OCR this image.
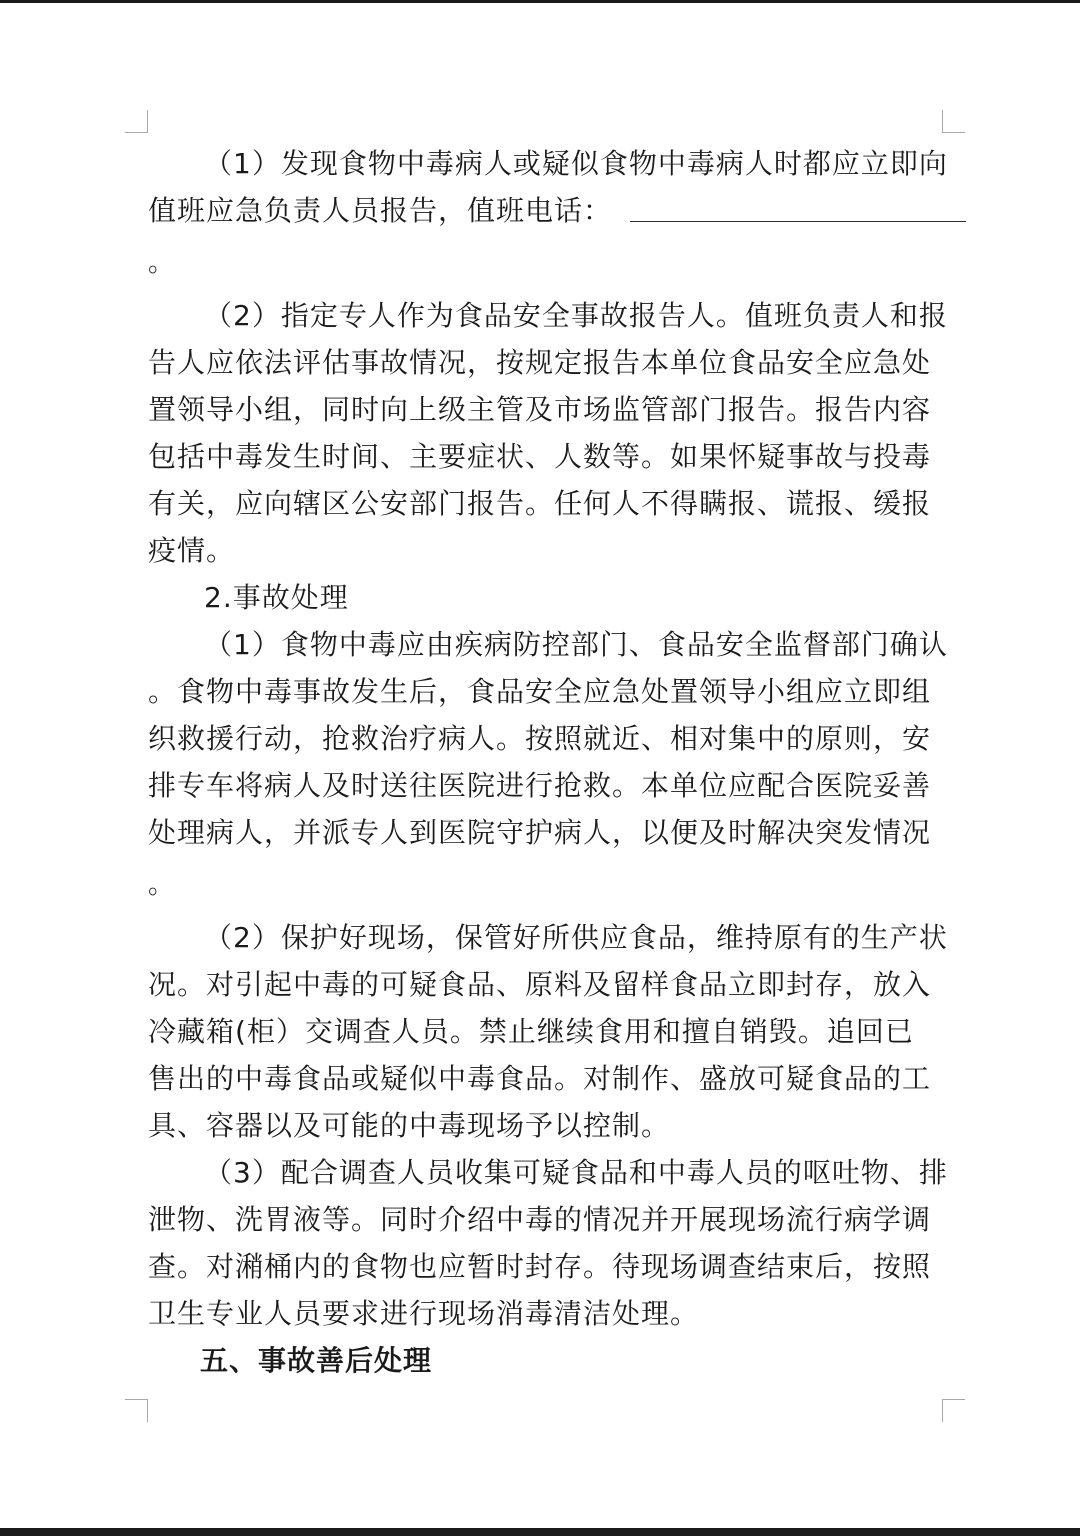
（1）发现食物中毒病人或疑似食物中毒病人时都应立即向
值班应急负责人员报告，值班电话：
。
（2）指定专人作为食品安全事故报告人。值班负责人和报
告人应依法评估事故情况，按规定报告本单位食品安全应急处
置领导小组，同时向上级主管及市场监管部门报告。报告内容
包括中毒发生时间、主要症状、人数等。如果怀疑事故与投毒
有关，应向辖区公安部门报告。任何人不得瞒报、谎报、缓报
疫情。
2.事故处理
（1）食物中毒应由疾病防控部门、食品安全监督部门确认
。食物中毒事故发生后，食品安全应急处置领导小组应立即组
织救援行动，抢救治疗病人。按照就近、相对集中的原则，安
排专车将病人及时送往医院进行抢救。本单位应配合医院妥善
处理病人，并派专人到医院守护病人，以便及时解决突发情况
。
（2）保护好现场，保管好所供应食品，维持原有的生产状
况。对引起中毒的可疑食品、原料及留样食品立即封存，放入
冷藏箱(柜）交调查人员。禁止继续食用和擅自销毁。追回已
售出的中毒食品或疑似中毒食品。对制作、盛放可疑食品的工
具、容器以及可能的中毒现场予以控制。
（3）配合调查人员收集可疑食品和中毒人员的呕吐物、排
泄物、洗胃液等。同时介绍中毒的情况并开展现场流行病学调
查。对潲桶内的食物也应暂时封存。待现场调查结束后，按照
卫生专业人员要求进行现场消毒清洁处理。
五、事故善后处理
